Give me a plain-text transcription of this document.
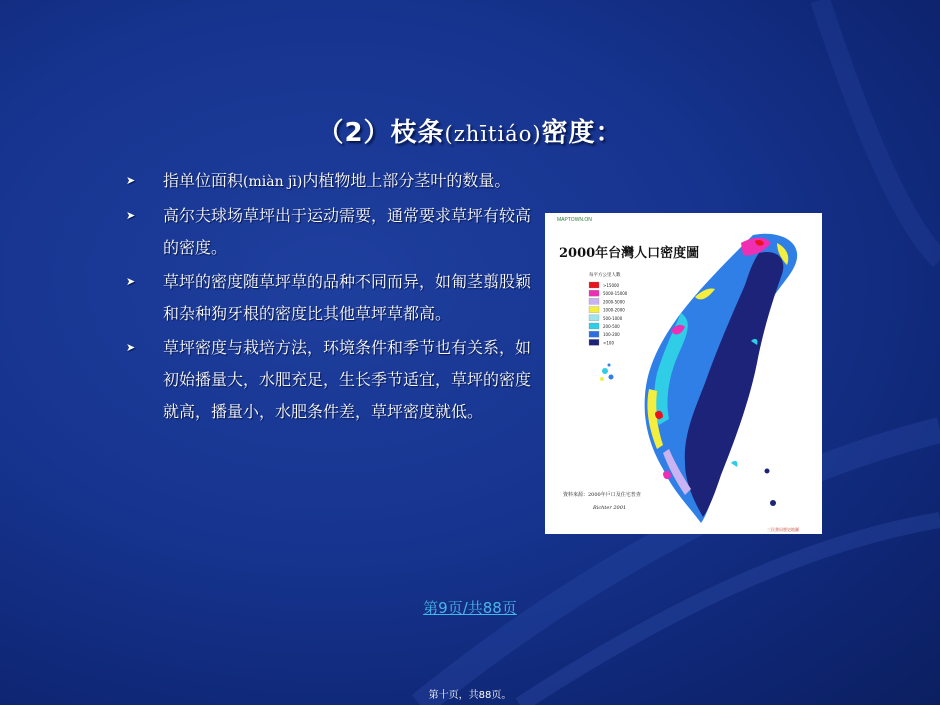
（2）枝条(zhītiáo)密度：
➤ 指单位面积(miàn jī)内植物地上部分茎叶的数量。
➤ 高尔夫球场草坪出于运动需要，通常要求草坪有较高的密度。
➤ 草坪的密度随草坪草的品种不同而异，如匍茎翦股颖和杂种狗牙根的密度比其他草坪草都高。
➤ 草坪密度与栽培方法，环境条件和季节也有关系，如初始播量大，水肥充足，生长季节适宜，草坪的密度就高，播量小，水肥条件差，草坪密度就低。
MAPTOWN.ON
2000年台灣人口密度圖
每平方公里人數
>15000
5000-15000
2000-5000
1000-2000
500-1000
200-500
100-200
<100
資料來源：2000年戶口及住宅普查
Richter 2001
三民書局歷史地圖
第9页/共88页
第十页，共88页。
